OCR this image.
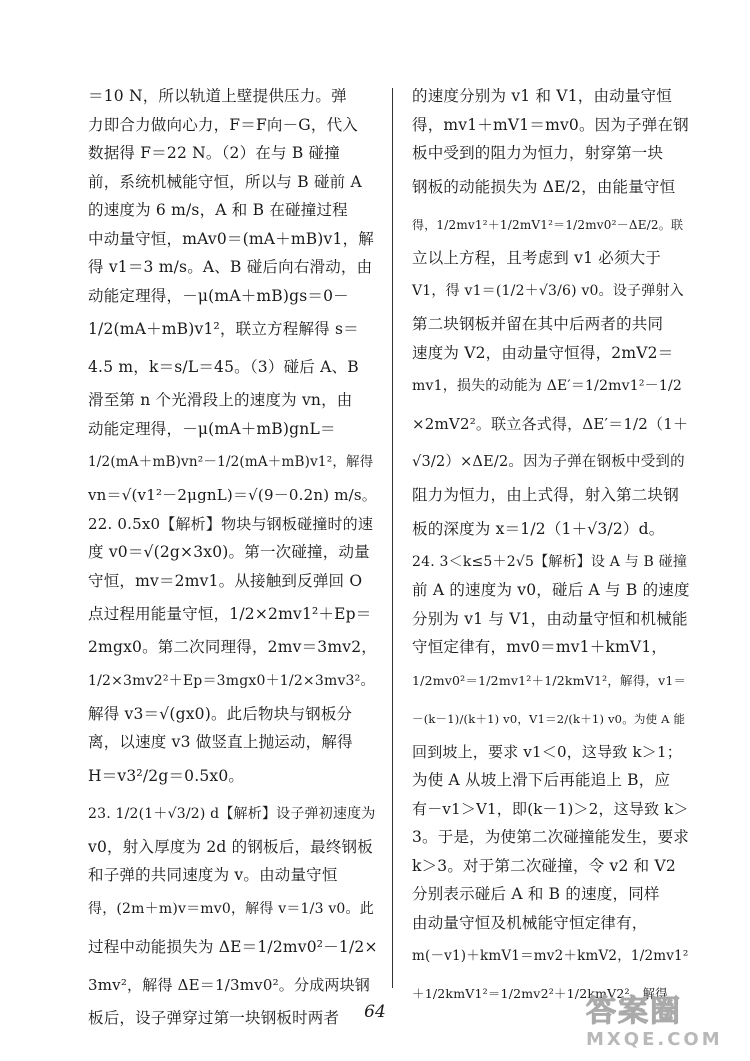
＝10 N，所以轨道上壁提供压力。弹
力即合力做向心力，F＝F向－G，代入
数据得 F＝22 N。（2）在与 B 碰撞
前，系统机械能守恒，所以与 B 碰前 A
的速度为 6 m/s，A 和 B 在碰撞过程
中动量守恒，mAv0＝(mA＋mB)v1，解
得 v1＝3 m/s。A、B 碰后向右滑动，由
动能定理得，－μ(mA＋mB)gs＝0－
1/2(mA＋mB)v1²，联立方程解得 s＝
4.5 m，k＝s/L＝45。（3）碰后 A、B
滑至第 n 个光滑段上的速度为 vn，由
动能定理得，－μ(mA＋mB)gnL＝
1/2(mA＋mB)vn²－1/2(mA＋mB)v1²，解得
vn＝√(v1²－2μgnL)＝√(9－0.2n) m/s。
22. 0.5x0【解析】物块与钢板碰撞时的速
度 v0＝√(2g×3x0)。第一次碰撞，动量
守恒，mv＝2mv1。从接触到反弹回 O
点过程用能量守恒，1/2×2mv1²＋Ep＝
2mgx0。第二次同理得，2mv＝3mv2，
1/2×3mv2²＋Ep＝3mgx0＋1/2×3mv3²。
解得 v3＝√(gx0)。此后物块与钢板分
离，以速度 v3 做竖直上抛运动，解得
H＝v3²/2g＝0.5x0。
23. 1/2(1＋√3/2) d【解析】设子弹初速度为
v0，射入厚度为 2d 的钢板后，最终钢板
和子弹的共同速度为 v。由动量守恒
得，(2m＋m)v＝mv0，解得 v＝1/3 v0。此
过程中动能损失为 ΔE＝1/2mv0²－1/2×
3mv²，解得 ΔE＝1/3mv0²。分成两块钢
板后，设子弹穿过第一块钢板时两者
的速度分别为 v1 和 V1，由动量守恒
得，mv1＋mV1＝mv0。因为子弹在钢
板中受到的阻力为恒力，射穿第一块
钢板的动能损失为 ΔE/2，由能量守恒
得，1/2mv1²＋1/2mV1²＝1/2mv0²－ΔE/2。联
立以上方程，且考虑到 v1 必须大于
V1，得 v1＝(1/2＋√3/6) v0。设子弹射入
第二块钢板并留在其中后两者的共同
速度为 V2，由动量守恒得，2mV2＝
mv1，损失的动能为 ΔE′＝1/2mv1²－1/2
×2mV2²。联立各式得，ΔE′＝1/2（1＋
√3/2）×ΔE/2。因为子弹在钢板中受到的
阻力为恒力，由上式得，射入第二块钢
板的深度为 x＝1/2（1＋√3/2）d。
24. 3＜k≤5＋2√5【解析】设 A 与 B 碰撞
前 A 的速度为 v0，碰后 A 与 B 的速度
分别为 v1 与 V1，由动量守恒和机械能
守恒定律有，mv0＝mv1＋kmV1，
1/2mv0²＝1/2mv1²＋1/2kmV1²，解得，v1＝
－(k－1)/(k＋1) v0，V1＝2/(k＋1) v0。为使 A 能
回到坡上，要求 v1＜0，这导致 k＞1；
为使 A 从坡上滑下后再能追上 B，应
有－v1＞V1，即(k－1)＞2，这导致 k＞
3。于是，为使第二次碰撞能发生，要求
k＞3。对于第二次碰撞，令 v2 和 V2
分别表示碰后 A 和 B 的速度，同样
由动量守恒及机械能守恒定律有，
m(－v1)＋kmV1＝mv2＋kmV2，1/2mv1²
＋1/2kmV1²＝1/2mv2²＋1/2kmV2²，解得，
64	答案圈
MXQE.COM
